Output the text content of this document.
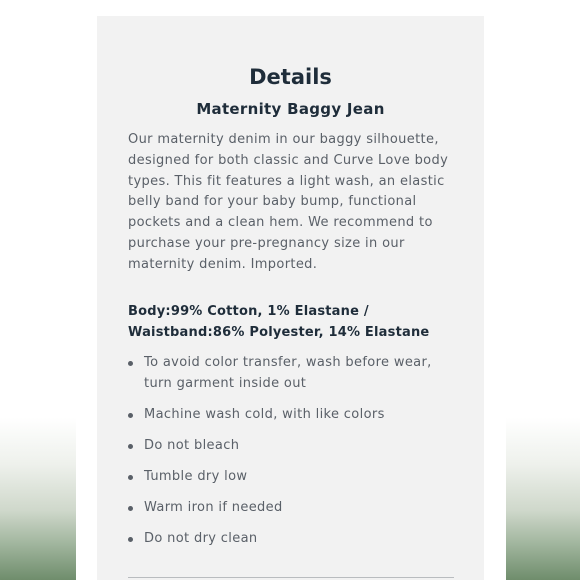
Details
Maternity Baggy Jean

Our maternity denim in our baggy silhouette, designed for both classic and Curve Love body types. This fit features a light wash, an elastic belly band for your baby bump, functional pockets and a clean hem. We recommend to purchase your pre-pregnancy size in our maternity denim. Imported.

Body:99% Cotton, 1% Elastane / Waistband:86% Polyester, 14% Elastane

To avoid color transfer, wash before wear, turn garment inside out
Machine wash cold, with like colors
Do not bleach
Tumble dry low
Warm iron if needed
Do not dry clean
